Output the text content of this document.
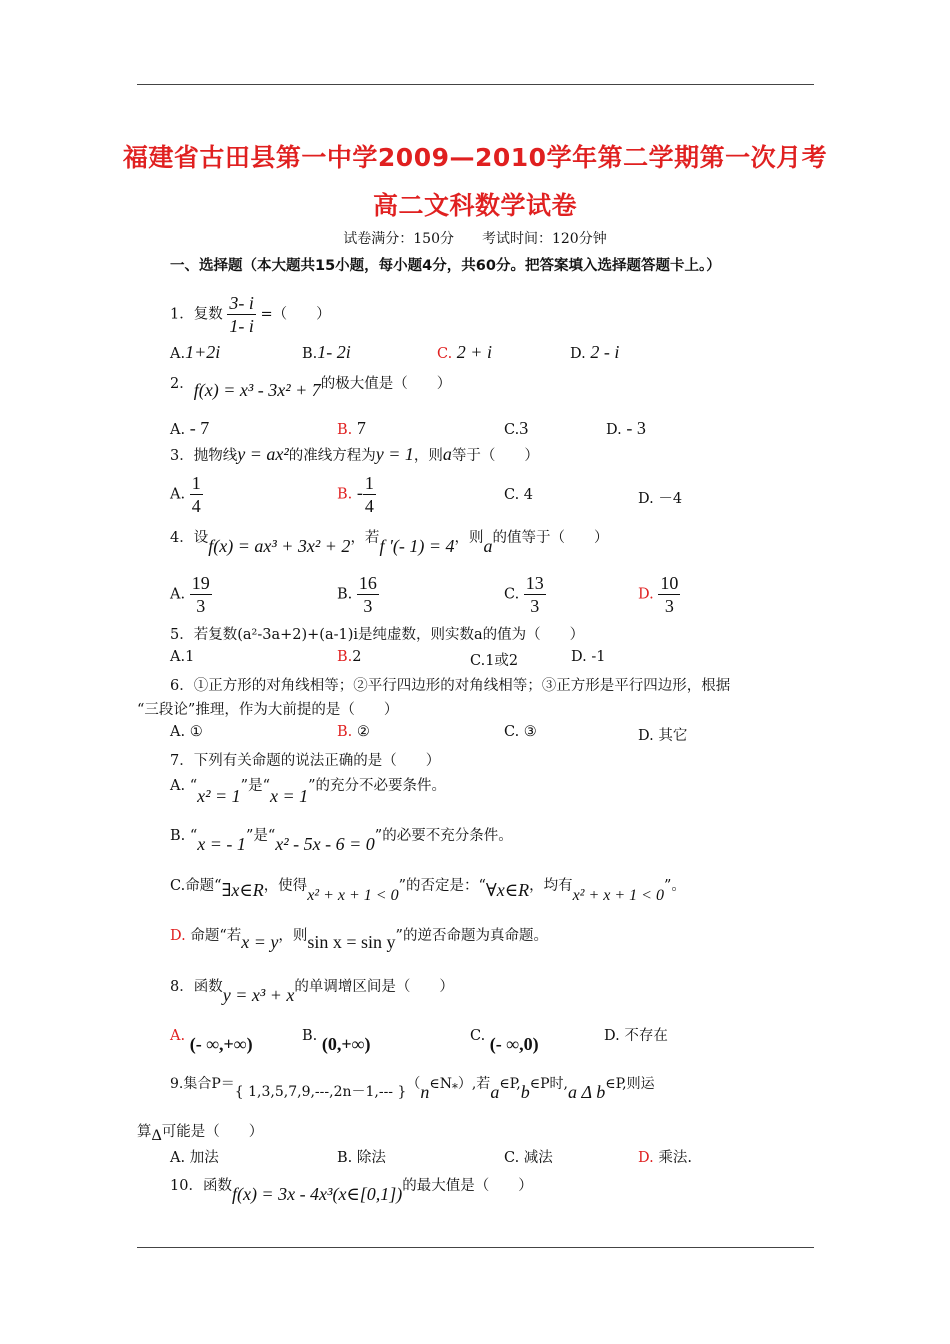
福建省古田县第一中学2009—2010学年第二学期第一次月考
高二文科数学试卷
试卷满分：150分　　考试时间：120分钟
一、选择题（本大题共15小题，每小题4分，共60分。把答案填入选择题答题卡上。）
1．复数 $\frac{3- i}{1- i}$ =（　　）
A.1+2i	B.1- 2i	C. 2 + i	D. 2 - i
2．f(x) = x³ - 3x² + 7的极大值是（　　）
A. - 7	B. 7	C.3	D. - 3
3．抛物线y = ax²的准线方程为y = 1，则a等于（　　）
A. $\frac{1}{4}$	B. - $\frac{1}{4}$	C. 4	D. －4
4．设f(x) = ax³ + 3x² + 2，若f ′(- 1) = 4，则a的值等于（　　）
A. $\frac{19}{3}$	B. $\frac{16}{3}$	C. $\frac{13}{3}$	D. $\frac{10}{3}$
5．若复数(a²-3a+2)+(a-1)i是纯虚数，则实数a的值为（　　）
A.1	B.2	C.1或2	D. -1
6．①正方形的对角线相等；②平行四边形的对角线相等；③正方形是平行四边形，根据
“三段论”推理，作为大前提的是（　　）
A. ①	B. ②	C. ③	D. 其它
7．下列有关命题的说法正确的是（　　）
A. “x² = 1”是“x = 1”的充分不必要条件。
B. “x = - 1”是“x² - 5x - 6 = 0”的必要不充分条件。
C.命题“∃x∈R，使得x² + x + 1 < 0”的否定是：“∀x∈R，均有x² + x + 1 < 0”。
D. 命题“若x = y，则sin x = sin y”的逆否命题为真命题。
8．函数y = x³ + x的单调增区间是（　　）
A. (- ∞,+∞)	B. (0,+∞)	C. (- ∞,0)	D. 不存在
9.集合P＝{ 1,3,5,7,9,---,2n－1,--- }$(n\in N_*)$,若a∈P,b∈P时,a Δ b∈P,则运
算Δ可能是（　　）
A. 加法	B. 除法	C. 减法	D. 乘法.
10．函数f(x) = 3x - 4x³(x∈[0,1])的最大值是（　　）
